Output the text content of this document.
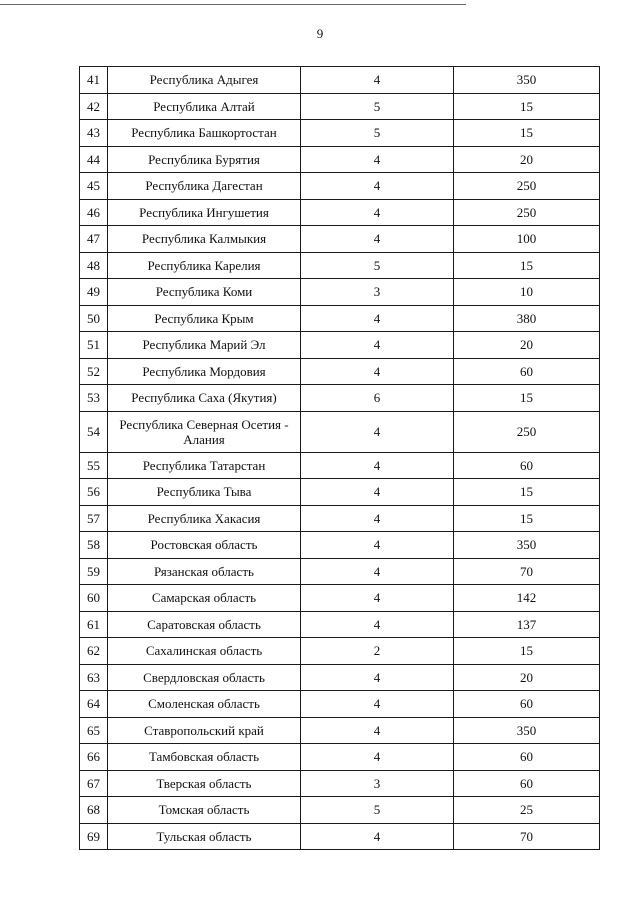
9
41	Республика Адыгея	4	350
42	Республика Алтай	5	15
43	Республика Башкортостан	5	15
44	Республика Бурятия	4	20
45	Республика Дагестан	4	250
46	Республика Ингушетия	4	250
47	Республика Калмыкия	4	100
48	Республика Карелия	5	15
49	Республика Коми	3	10
50	Республика Крым	4	380
51	Республика Марий Эл	4	20
52	Республика Мордовия	4	60
53	Республика Саха (Якутия)	6	15
54	Республика Северная Осетия - Алания	4	250
55	Республика Татарстан	4	60
56	Республика Тыва	4	15
57	Республика Хакасия	4	15
58	Ростовская область	4	350
59	Рязанская область	4	70
60	Самарская область	4	142
61	Саратовская область	4	137
62	Сахалинская область	2	15
63	Свердловская область	4	20
64	Смоленская область	4	60
65	Ставропольский край	4	350
66	Тамбовская область	4	60
67	Тверская область	3	60
68	Томская область	5	25
69	Тульская область	4	70
